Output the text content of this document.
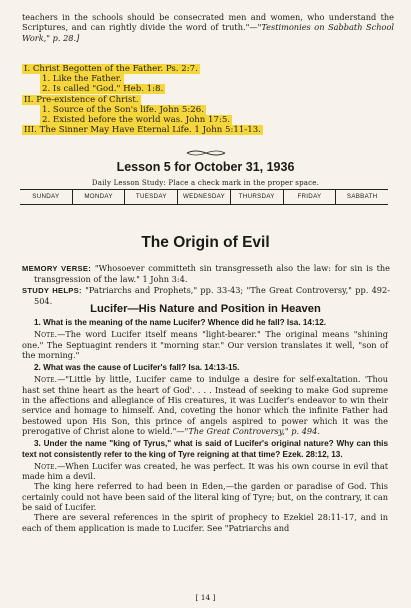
teachers in the schools should be consecrated men and women, who understand the Scriptures, and can rightly divide the word of truth."—"Testimonies on Sabbath School Work," p. 28.]
I. Christ Begotten of the Father. Ps. 2:7.
1. Like the Father.
2. Is called "God." Heb. 1:8.
II. Pre-existence of Christ.
1. Source of the Son's life. John 5:26.
2. Existed before the world was. John 17:5.
III. The Sinner May Have Eternal Life. 1 John 5:11-13.
Lesson 5 for October 31, 1936
Daily Lesson Study: Place a check mark in the proper space.
SUNDAY	MONDAY	TUESDAY	WEDNESDAY	THURSDAY	FRIDAY	SABBATH
The Origin of Evil
MEMORY VERSE: "Whosoever committeth sin transgresseth also the law: for sin is the transgression of the law." 1 John 3:4.
STUDY HELPS: "Patriarchs and Prophets," pp. 33-43; "The Great Controversy," pp. 492-504.
Lucifer—His Nature and Position in Heaven
1. What is the meaning of the name Lucifer? Whence did he fall? Isa. 14:12.
Note.—The word Lucifer itself means "light-bearer." The original means "shining one." The Septuagint renders it "morning star." Our version translates it well, "son of the morning."
2. What was the cause of Lucifer's fall? Isa. 14:13-15.
Note.—"Little by little, Lucifer came to indulge a desire for self-exaltation. 'Thou hast set thine heart as the heart of God'. . . . Instead of seeking to make God supreme in the affections and allegiance of His creatures, it was Lucifer's endeavor to win their service and homage to himself. And, coveting the honor which the infinite Father had bestowed upon His Son, this prince of angels aspired to power which it was the prerogative of Christ alone to wield."—"The Great Controversy," p. 494.
3. Under the name "king of Tyrus," what is said of Lucifer's original nature? Why can this text not consistently refer to the king of Tyre reigning at that time? Ezek. 28:12, 13.
Note.—When Lucifer was created, he was perfect. It was his own course in evil that made him a devil.
The king here referred to had been in Eden,—the garden or paradise of God. This certainly could not have been said of the literal king of Tyre; but, on the contrary, it can be said of Lucifer.
There are several references in the spirit of prophecy to Ezekiel 28:11-17, and in each of them application is made to Lucifer. See "Patriarchs and
[ 14 ]
